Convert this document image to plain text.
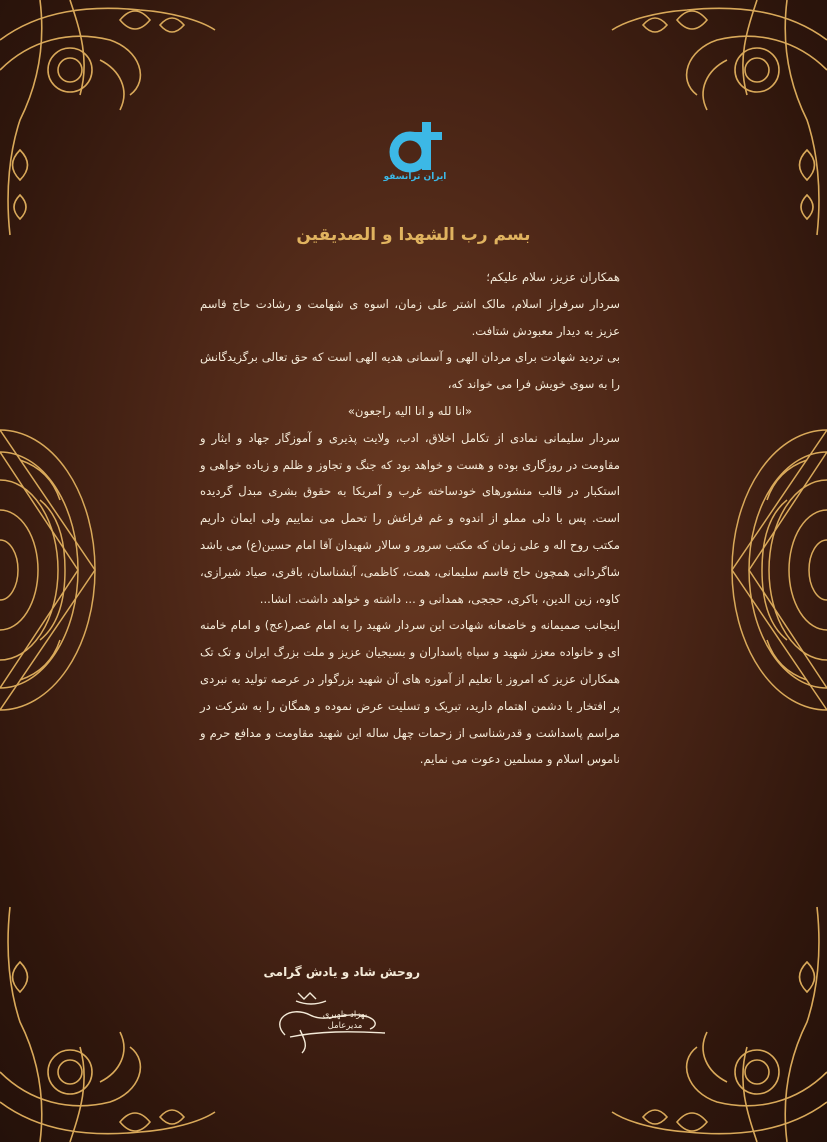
ایران ترانسفو
بسم رب الشهدا و الصدیقین

همکاران عزیز، سلام علیکم؛

سردار سرفراز اسلام، مالک اشتر علی زمان، اسوه ی شهامت و رشادت حاج قاسم عزیز به دیدار معبودش شتافت.

بی تردید شهادت برای مردان الهی و آسمانی هدیه الهی است که حق تعالی برگزیدگانش را به سوی خویش فرا می خواند که،

«انا لله و انا الیه راجعون»

سردار سلیمانی نمادی از تکامل اخلاق، ادب، ولایت پذیری و آموزگار جهاد و ایثار و مقاومت در روزگاری بوده و هست و خواهد بود که جنگ و تجاوز و ظلم و زیاده خواهی و استکبار در قالب منشورهای خودساخته غرب و آمریکا به حقوق بشری مبدل گردیده است. پس با دلی مملو از اندوه و غم فراغش را تحمل می نماییم ولی ایمان داریم مکتب روح اله و علی زمان که مکتب سرور و سالار شهیدان آقا امام حسین(ع) می باشد شاگردانی همچون حاج قاسم سلیمانی، همت، کاظمی، آبشناسان، باقری، صیاد شیرازی، کاوه، زین الدین، باکری، حججی، همدانی و ... داشته و خواهد داشت. انشا...

اینجانب صمیمانه و خاضعانه شهادت این سردار شهید را به امام عصر(عج) و امام خامنه ای و خانواده معزز شهید و سپاه پاسداران و بسیجیان عزیز و ملت بزرگ ایران و تک تک همکاران عزیز که امروز با تعلیم از آموزه های آن شهید بزرگوار در عرصه تولید به نبردی پر افتخار با دشمن اهتمام دارید، تبریک و تسلیت عرض نموده و همگان را به شرکت در مراسم پاسداشت و قدرشناسی از زحمات چهل ساله این شهید مقاومت و مدافع حرم و ناموس اسلام و مسلمین دعوت می نمایم.

روحش شاد و یادش گرامی
بهزاد ظهیری
مدیرعامل
